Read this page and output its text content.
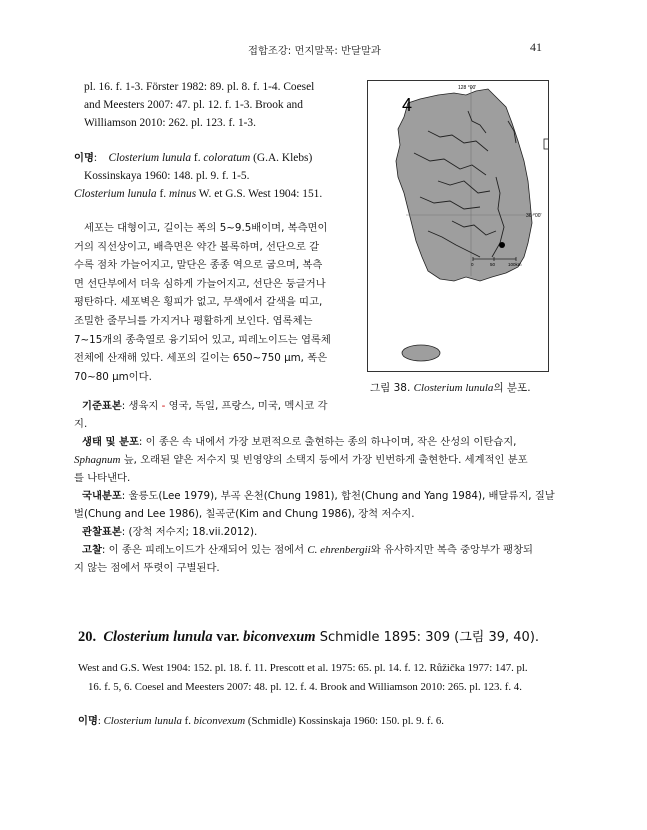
접합조강: 먼지말목: 반달말과	41
pl. 16. f. 1-3. Förster 1982: 89. pl. 8. f. 1-4. Coesel
and Meesters 2007: 47. pl. 12. f. 1-3. Brook and
Williamson 2010: 262. pl. 123. f. 1-3.
이명: Closterium lunula f. coloratum (G.A. Klebs)
Kossinskaya 1960: 148. pl. 9. f. 1-5.
Closterium lunula f. minus W. et G.S. West 1904: 151.
세포는 대형이고, 길이는 폭의 5~9.5배이며, 복측면이
거의 직선상이고, 배측면은 약간 볼록하며, 선단으로 갈
수록 점차 가늘어지고, 말단은 종종 역으로 굽으며, 복측
면 선단부에서 더욱 심하게 가늘어지고, 선단은 둥글거나
평탄하다. 세포벽은 횡피가 없고, 무색에서 갈색을 띠고,
조밀한 줄무늬를 가지거나 평활하게 보인다. 엽록체는
7~15개의 종축열로 융기되어 있고, 피레노이드는 엽록체
전체에 산재해 있다. 세포의 길이는 650~750 μm, 폭은
70~80 μm이다.
기준표본: 생육지 - 영국, 독일, 프랑스, 미국, 멕시코 각
지.
생태 및 분포: 이 종은 속 내에서 가장 보편적으로 출현하는 종의 하나이며, 작은 산성의 이탄습지,
Sphagnum 늪, 오래된 얕은 저수지 및 빈영양의 소택지 등에서 가장 빈번하게 출현한다. 세계적인 분포
를 나타낸다.
국내분포: 울릉도(Lee 1979), 부곡 온천(Chung 1981), 합천(Chung and Yang 1984), 배달류지, 질날
벌(Chung and Lee 1986), 칠곡군(Kim and Chung 1986), 장척 저수지.
관찰표본: (장척 저수지; 18.vii.2012).
고찰: 이 종은 피레노이드가 산재되어 있는 점에서 C. ehrenbergii와 유사하지만 복측 중앙부가 팽창되
지 않는 점에서 뚜렷이 구별된다.
4
128 °00'
36 °00'
0	50	100km
그림 38. Closterium lunula의 분포.
20. Closterium lunula var. biconvexum Schmidle 1895: 309 (그림 39, 40).
West and G.S. West 1904: 152. pl. 18. f. 11. Prescott et al. 1975: 65. pl. 14. f. 12. Růžička 1977: 147. pl.
16. f. 5, 6. Coesel and Meesters 2007: 48. pl. 12. f. 4. Brook and Williamson 2010: 265. pl. 123. f. 4.
이명: Closterium lunula f. biconvexum (Schmidle) Kossinskaja 1960: 150. pl. 9. f. 6.
